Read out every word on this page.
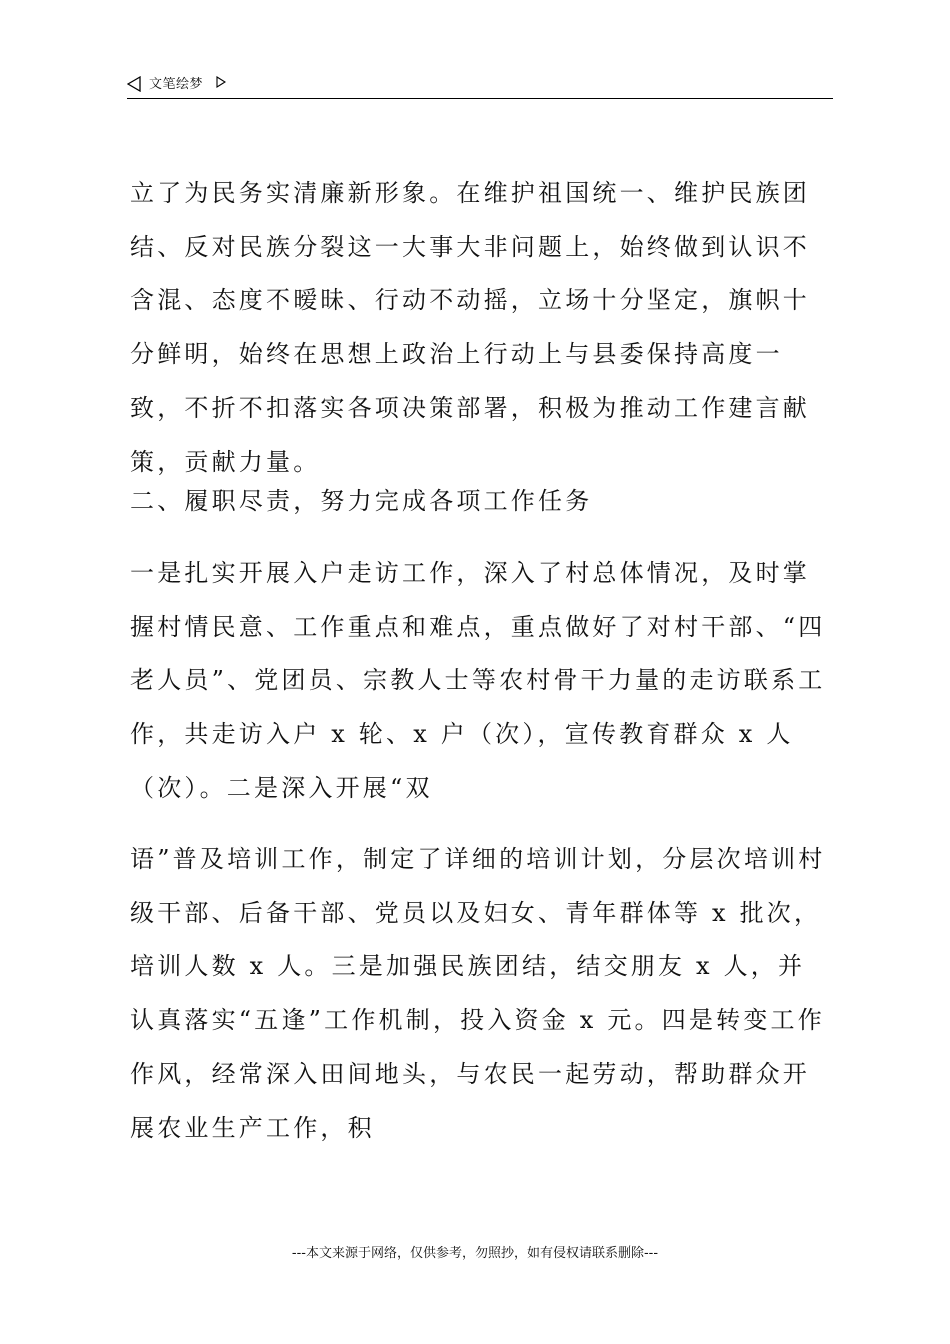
文笔绘梦

立了为民务实清廉新形象。在维护祖国统一、维护民族团结、反对民族分裂这一大事大非问题上，始终做到认识不含混、态度不暧昧、行动不动摇，立场十分坚定，旗帜十分鲜明，始终在思想上政治上行动上与县委保持高度一致，不折不扣落实各项决策部署，积极为推动工作建言献策，贡献力量。

二、履职尽责，努力完成各项工作任务

一是扎实开展入户走访工作，深入了村总体情况，及时掌握村情民意、工作重点和难点，重点做好了对村干部、“四老人员”、党团员、宗教人士等农村骨干力量的走访联系工作，共走访入户 x 轮、x 户（次），宣传教育群众 x 人（次）。二是深入开展“双

语”普及培训工作，制定了详细的培训计划，分层次培训村级干部、后备干部、党员以及妇女、青年群体等 x 批次，培训人数 x 人。三是加强民族团结，结交朋友 x 人，并认真落实“五逢”工作机制，投入资金 x 元。四是转变工作作风，经常深入田间地头，与农民一起劳动，帮助群众开展农业生产工作，积

---本文来源于网络，仅供参考，勿照抄，如有侵权请联系删除---
